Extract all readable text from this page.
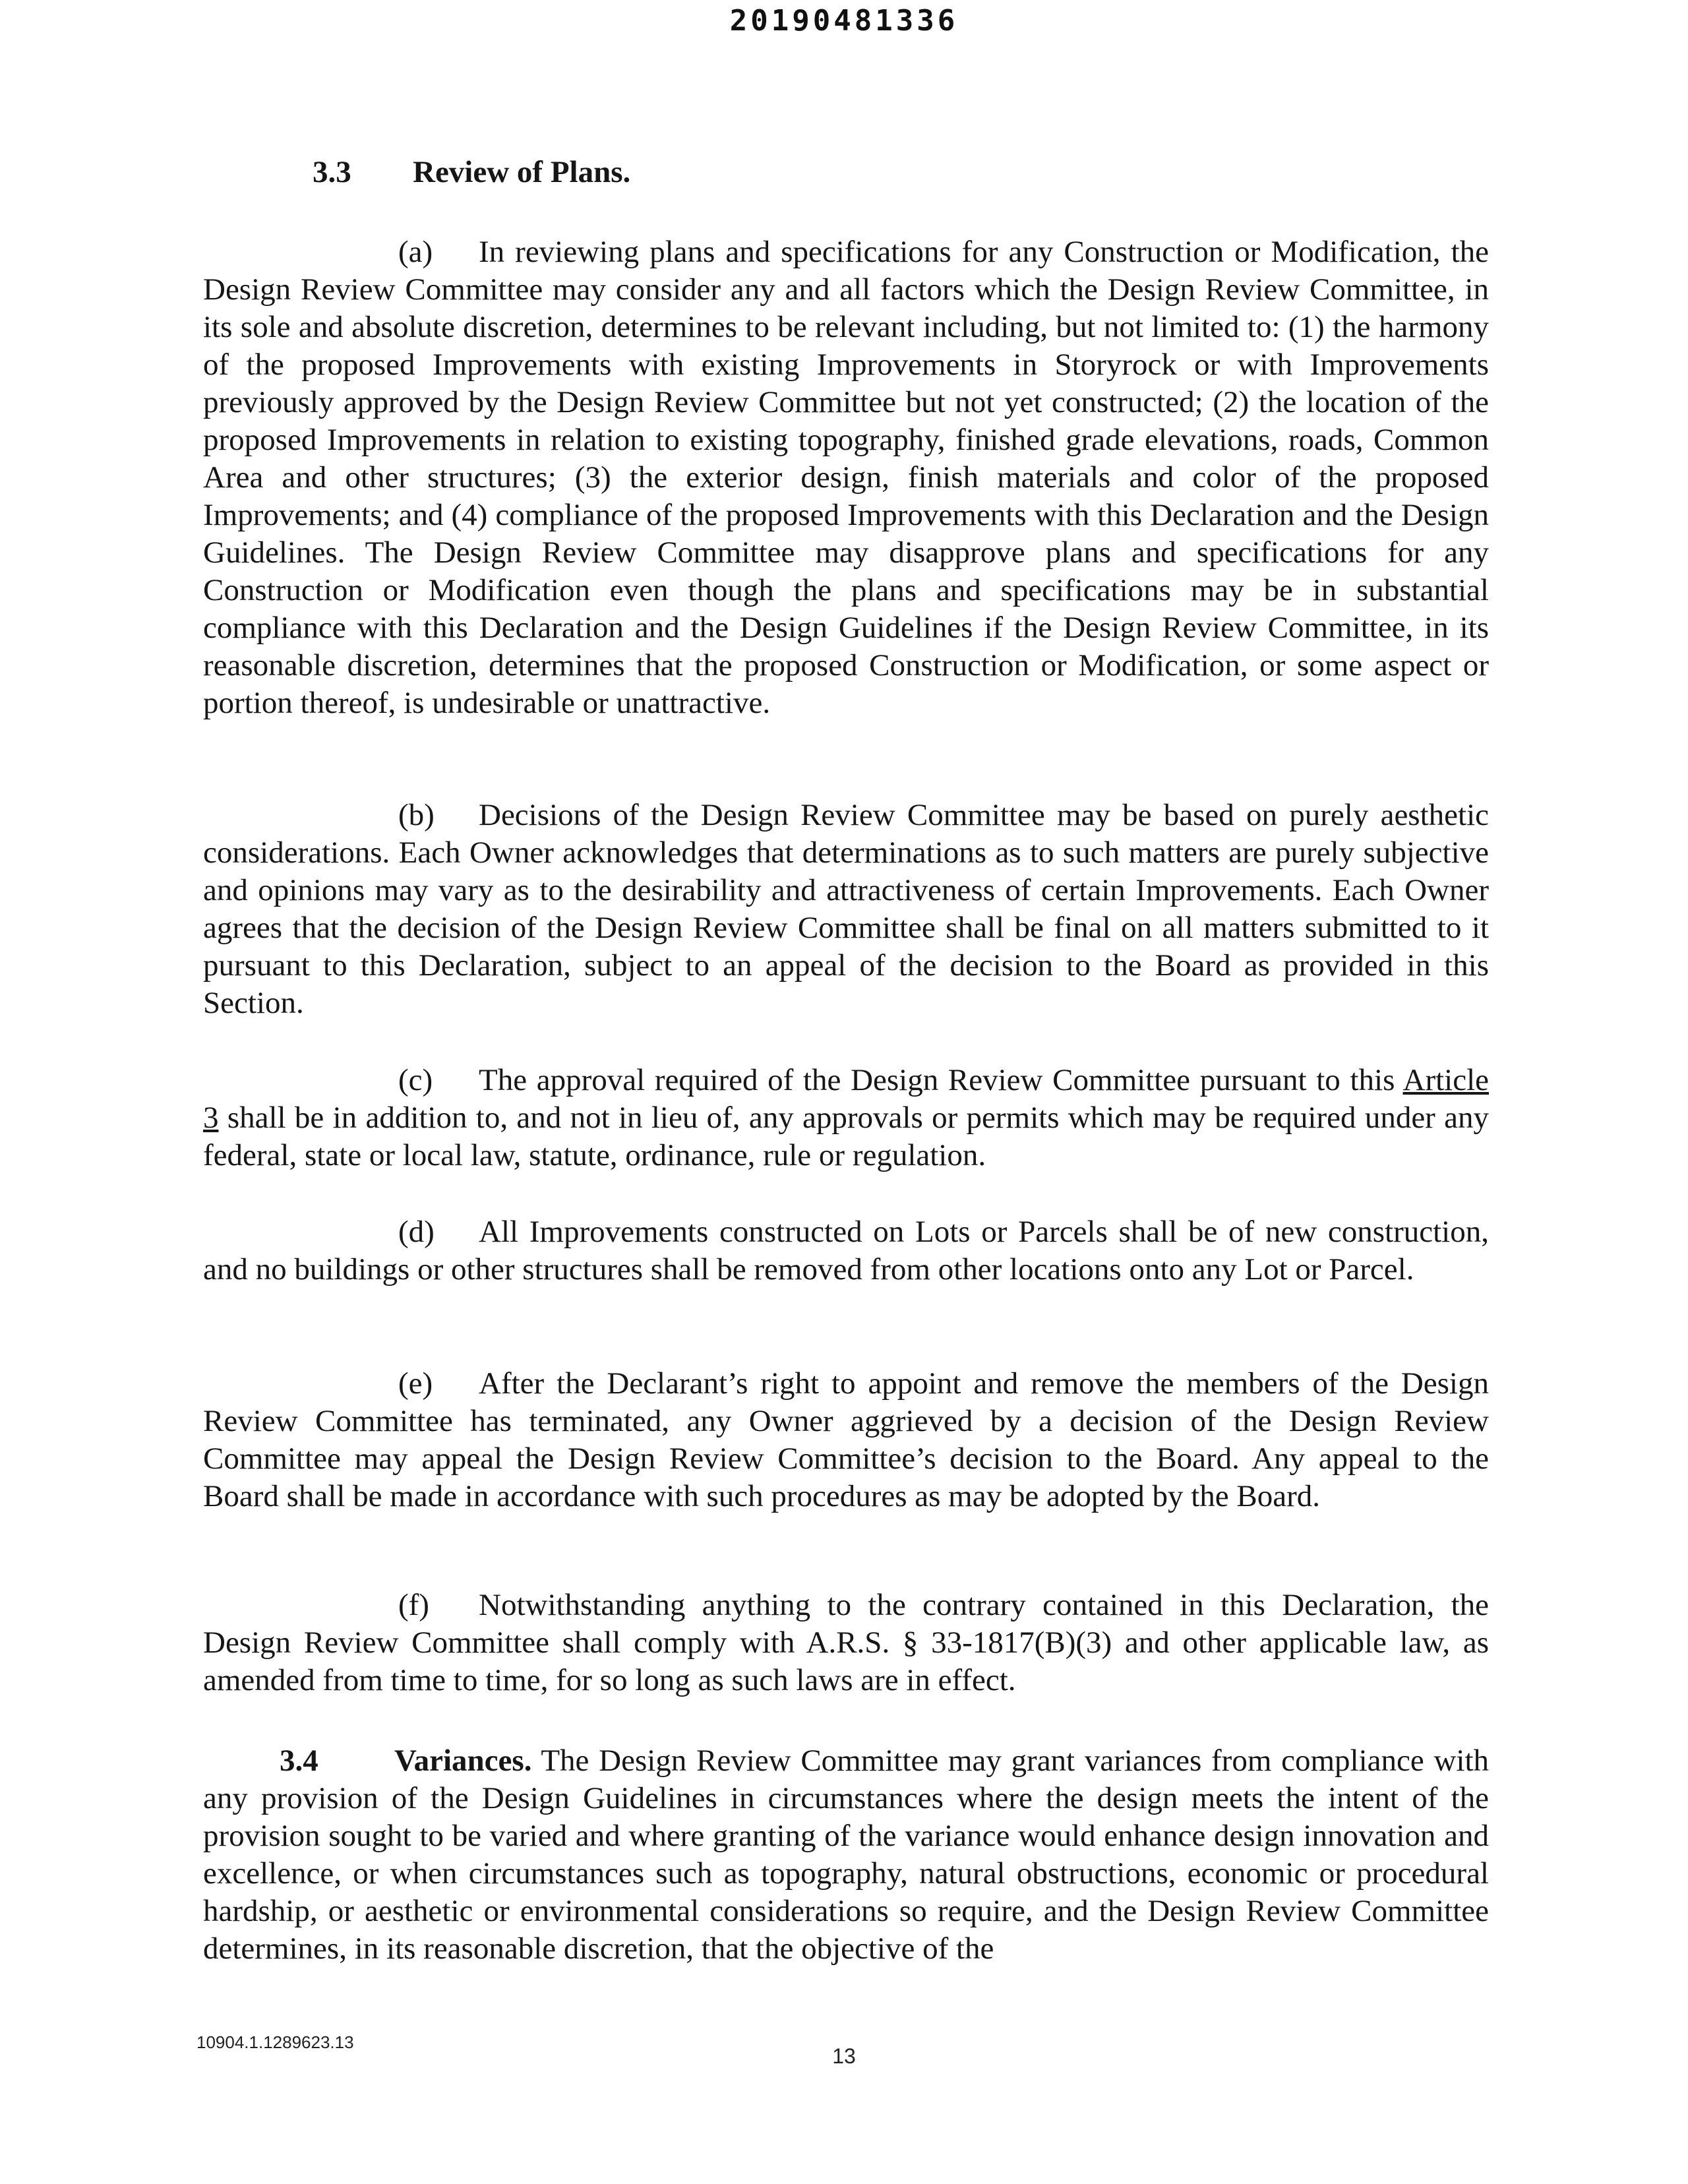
20190481336
3.3 Review of Plans.

(a) In reviewing plans and specifications for any Construction or Modification, the Design Review Committee may consider any and all factors which the Design Review Committee, in its sole and absolute discretion, determines to be relevant including, but not limited to: (1) the harmony of the proposed Improvements with existing Improvements in Storyrock or with Improvements previously approved by the Design Review Committee but not yet constructed; (2) the location of the proposed Improvements in relation to existing topography, finished grade elevations, roads, Common Area and other structures; (3) the exterior design, finish materials and color of the proposed Improvements; and (4) compliance of the proposed Improvements with this Declaration and the Design Guidelines. The Design Review Committee may disapprove plans and specifications for any Construction or Modification even though the plans and specifications may be in substantial compliance with this Declaration and the Design Guidelines if the Design Review Committee, in its reasonable discretion, determines that the proposed Construction or Modification, or some aspect or portion thereof, is undesirable or unattractive.

(b) Decisions of the Design Review Committee may be based on purely aesthetic considerations. Each Owner acknowledges that determinations as to such matters are purely subjective and opinions may vary as to the desirability and attractiveness of certain Improvements. Each Owner agrees that the decision of the Design Review Committee shall be final on all matters submitted to it pursuant to this Declaration, subject to an appeal of the decision to the Board as provided in this Section.

(c) The approval required of the Design Review Committee pursuant to this Article 3 shall be in addition to, and not in lieu of, any approvals or permits which may be required under any federal, state or local law, statute, ordinance, rule or regulation.

(d) All Improvements constructed on Lots or Parcels shall be of new construction, and no buildings or other structures shall be removed from other locations onto any Lot or Parcel.

(e) After the Declarant’s right to appoint and remove the members of the Design Review Committee has terminated, any Owner aggrieved by a decision of the Design Review Committee may appeal the Design Review Committee’s decision to the Board. Any appeal to the Board shall be made in accordance with such procedures as may be adopted by the Board.

(f) Notwithstanding anything to the contrary contained in this Declaration, the Design Review Committee shall comply with A.R.S. § 33-1817(B)(3) and other applicable law, as amended from time to time, for so long as such laws are in effect.

3.4 Variances. The Design Review Committee may grant variances from compliance with any provision of the Design Guidelines in circumstances where the design meets the intent of the provision sought to be varied and where granting of the variance would enhance design innovation and excellence, or when circumstances such as topography, natural obstructions, economic or procedural hardship, or aesthetic or environmental considerations so require, and the Design Review Committee determines, in its reasonable discretion, that the objective of the

10904.1.1289623.13
13
